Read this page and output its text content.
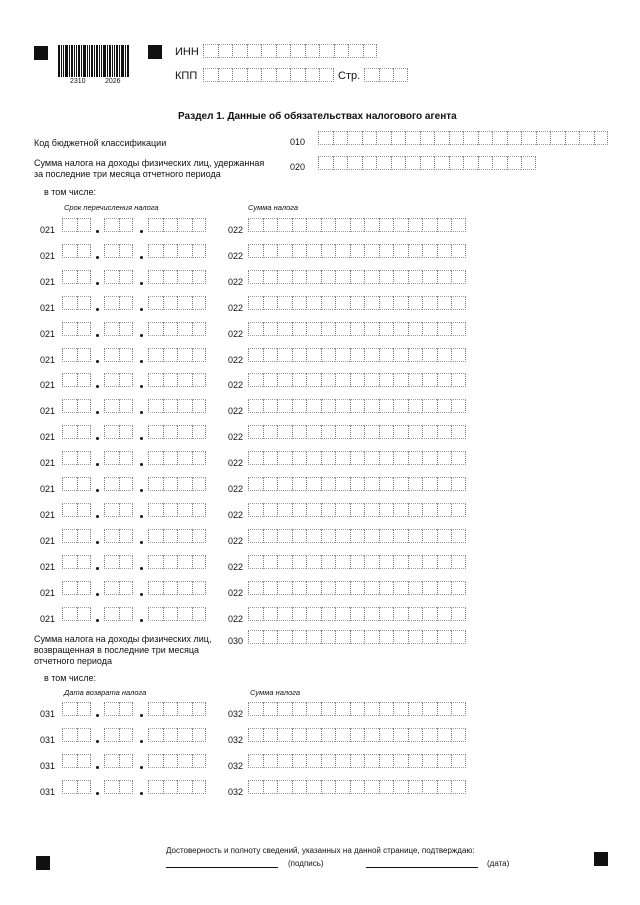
2310	2026
ИНН
КПП	Стр.
Раздел 1. Данные об обязательствах налогового агента
Код бюджетной классификации	010
Сумма налога на доходы физических лиц, удержанная
за последние три месяца отчетного периода
020
в том числе:
Срок перечисления налога	Сумма налога
021	022
021	022
021	022
021	022
021	022
021	022
021	022
021	022
021	022
021	022
021	022
021	022
021	022
021	022
021	022
021	022
Сумма налога на доходы физических лиц,
возвращенная в последние три месяца
отчетного периода
030
в том числе:
Дата возврата налога	Сумма налога
031	032
031	032
031	032
031	032
Достоверность и полноту сведений, указанных на данной странице, подтверждаю:
(подпись)	(дата)
